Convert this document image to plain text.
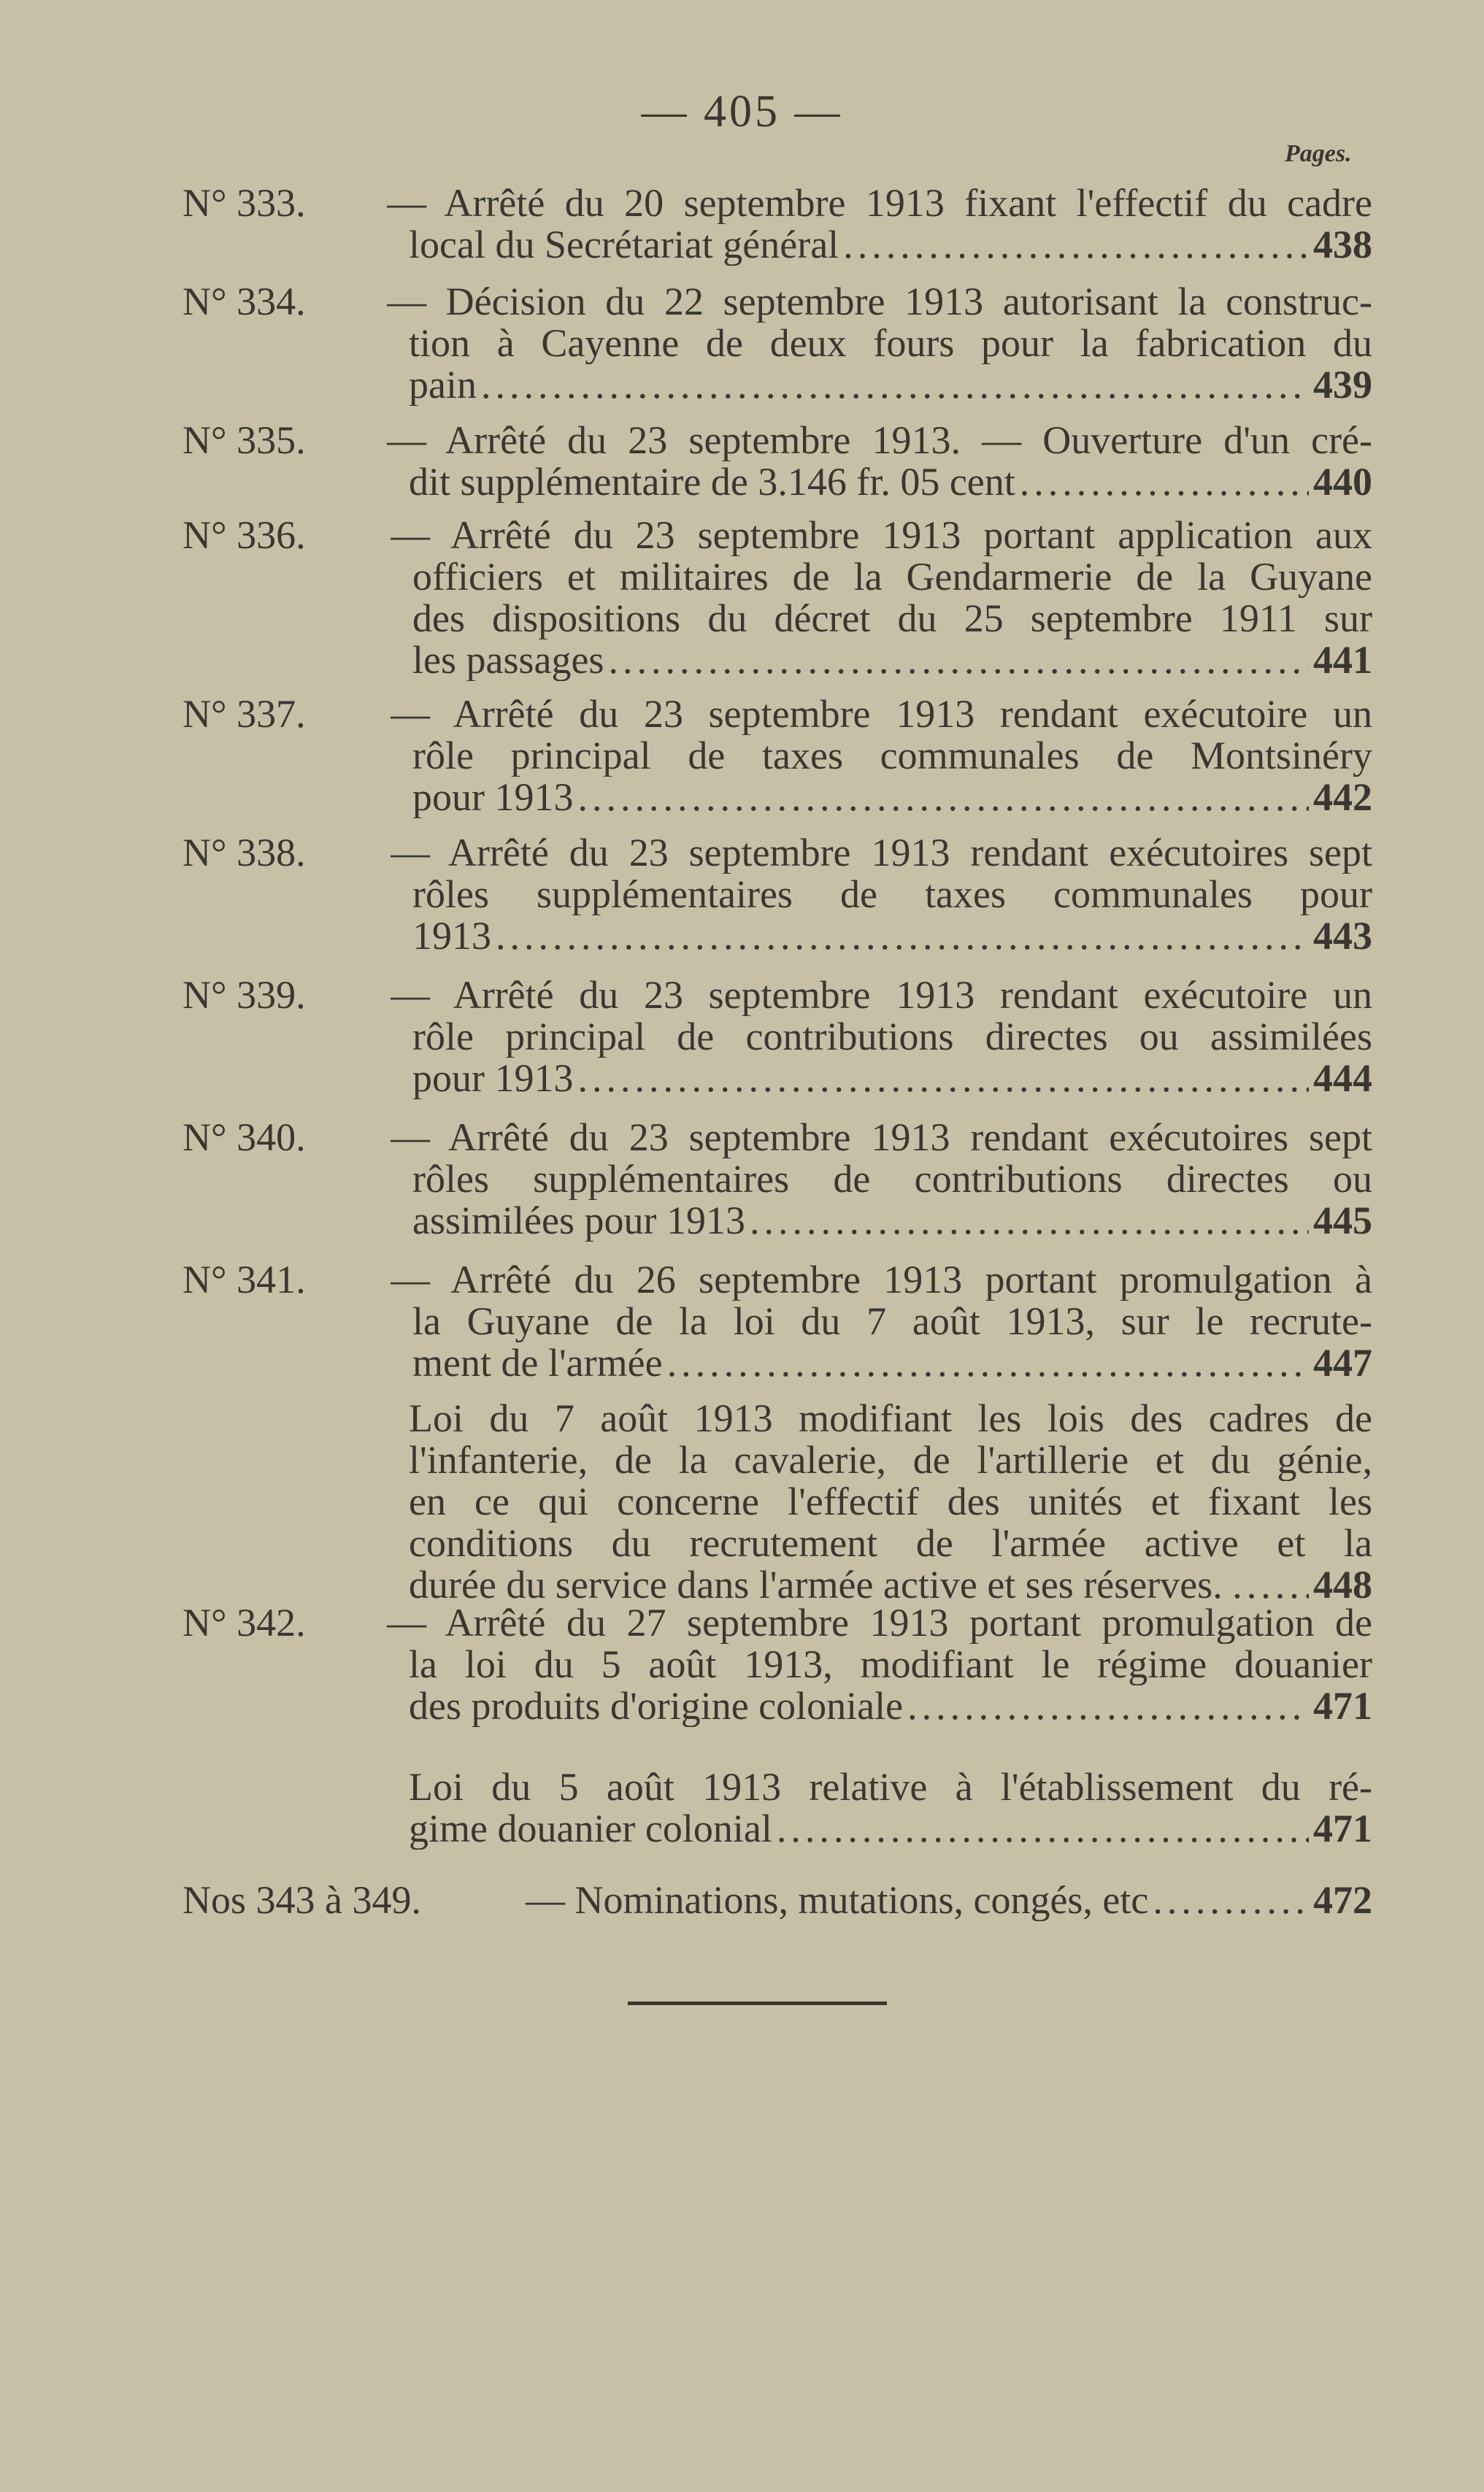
— 405 —
Pages.
N° 333. — Arrêté du 20 septembre 1913 fixant l'effectif du cadre
local du Secrétariat général .....	438
N° 334. — Décision du 22 septembre 1913 autorisant la construc-
tion à Cayenne de deux fours pour la fabrication du
pain .....	439
N° 335. — Arrêté du 23 septembre 1913. — Ouverture d'un cré-
dit supplémentaire de 3.146 fr. 05 cent .....	440
N° 336. — Arrêté du 23 septembre 1913 portant application aux
officiers et militaires de la Gendarmerie de la Guyane
des dispositions du décret du 25 septembre 1911 sur
les passages .....	441
N° 337. — Arrêté du 23 septembre 1913 rendant exécutoire un
rôle principal de taxes communales de Montsinéry
pour 1913 .....	442
N° 338. — Arrêté du 23 septembre 1913 rendant exécutoires sept
rôles supplémentaires de taxes communales pour
1913 .....	443
N° 339. — Arrêté du 23 septembre 1913 rendant exécutoire un
rôle principal de contributions directes ou assimilées
pour 1913 .....	444
N° 340. — Arrêté du 23 septembre 1913 rendant exécutoires sept
rôles supplémentaires de contributions directes ou
assimilées pour 1913 .....	445
N° 341. — Arrêté du 26 septembre 1913 portant promulgation à
la Guyane de la loi du 7 août 1913, sur le recrute-
ment de l'armée .....	447
Loi du 7 août 1913 modifiant les lois des cadres de
l'infanterie, de la cavalerie, de l'artillerie et du génie,
en ce qui concerne l'effectif des unités et fixant les
conditions du recrutement de l'armée active et la
durée du service dans l'armée active et ses réserves. . ..... 448
N° 342. — Arrêté du 27 septembre 1913 portant promulgation de
la loi du 5 août 1913, modifiant le régime douanier
des produits d'origine coloniale .....	471
Loi du 5 août 1913 relative à l'établissement du ré-
gime douanier colonial .....	471
Nos 343 à 349.	— Nominations, mutations, congés, etc .....	472
